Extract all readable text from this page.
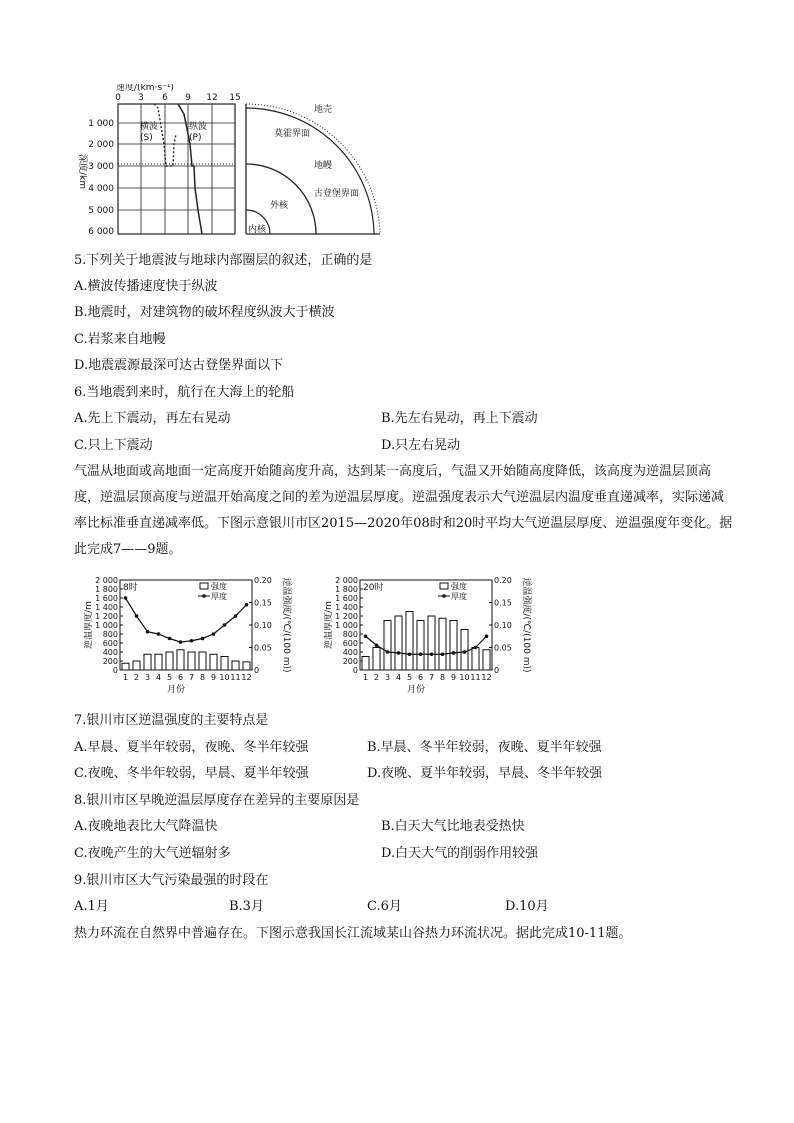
速度/(km·s⁻¹)
0 3 6 9 12 15
深度/km
1 000
2 000
3 000
4 000
5 000
6 000
横波
(S)
纵波
(P)
地壳
莫霍界面
地幔
古登堡界面
外核
内核
5.下列关于地震波与地球内部圈层的叙述，正确的是
A.横波传播速度快于纵波
B.地震时，对建筑物的破坏程度纵波大于横波
C.岩浆来自地幔
D.地震震源最深可达古登堡界面以下
6.当地震到来时，航行在大海上的轮船
A.先上下震动，再左右晃动	B.先左右晃动，再上下震动
C.只上下震动	D.只左右晃动
气温从地面或高地面一定高度开始随高度升高，达到某一高度后，气温又开始随高度降低，该高度为逆温层顶高度，逆温层顶高度与逆温开始高度之间的差为逆温层厚度。逆温强度表示大气逆温层内温度垂直递减率，实际递减率比标准垂直递减率低。下图示意银川市区2015—2020年08时和20时平均大气逆温层厚度、逆温强度年变化。据此完成7——9题。
0
200
400
600
800
1 000
1 200
1 400
1 600
1 800
2 000
0
0.05
0.10
0.15
0.20
逆温厚度/m	逆温强度/(℃/(100 m))
1 2 3 4 5 6 7 8 9 10 11 12
月份
8时	强度
厚度
0
200
400
600
800
1 000
1 200
1 400
1 600
1 800
2 000
0
0.05
0.10
0.15
0.20
逆温厚度/m	逆温强度/(℃/(100 m))
1 2 3 4 5 6 7 8 9 10 11 12
月份
20时	强度
厚度
7.银川市区逆温强度的主要特点是
A.早晨、夏半年较弱，夜晚、冬半年较强	B.早晨、冬半年较弱，夜晚、夏半年较强
C.夜晚、冬半年较弱，早晨、夏半年较强	D.夜晚、夏半年较弱，早晨、冬半年较强
8.银川市区早晚逆温层厚度存在差异的主要原因是
A.夜晚地表比大气降温快	B.白天大气比地表受热快
C.夜晚产生的大气逆辐射多	D.白天大气的削弱作用较强
9.银川市区大气污染最强的时段在
A.1月	B.3月	C.6月	D.10月
热力环流在自然界中普遍存在。下图示意我国长江流域某山谷热力环流状况。据此完成10-11题。
